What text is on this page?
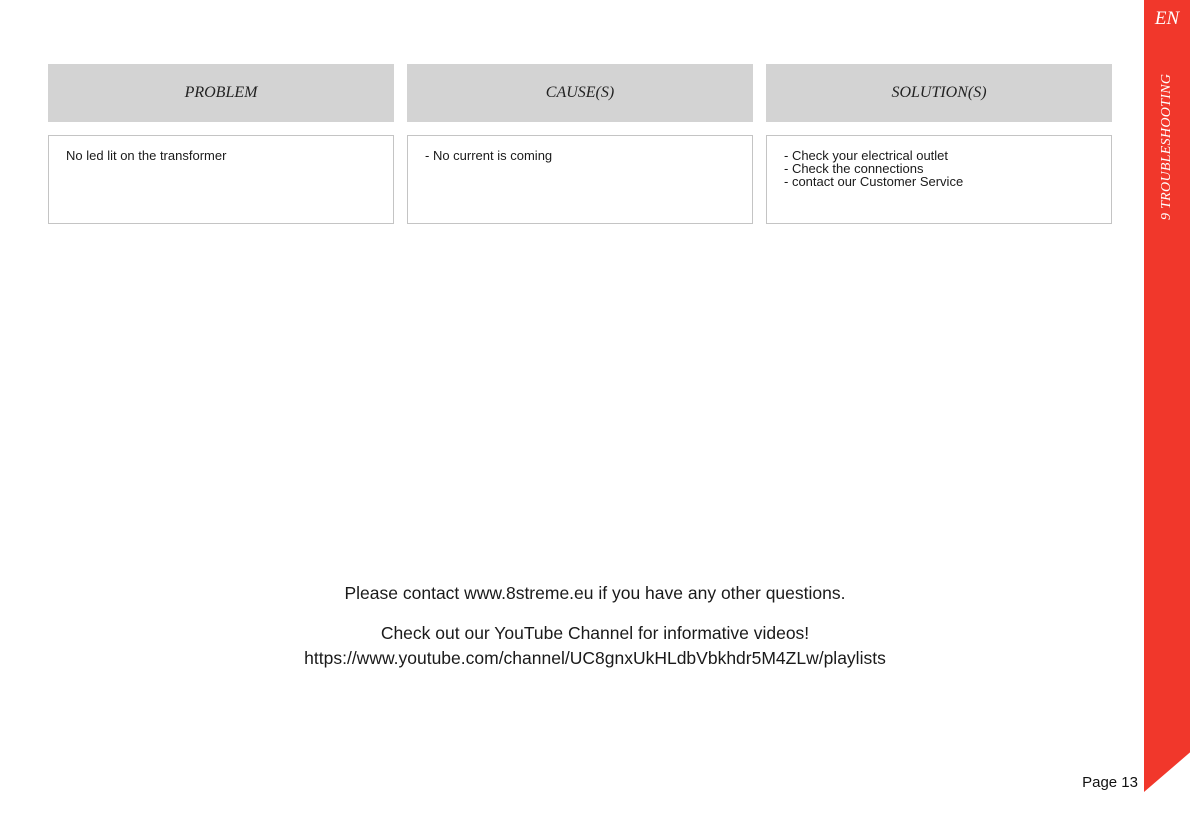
EN
9 TROUBLESHOOTING
PROBLEM	CAUSE(S)	SOLUTION(S)
No led lit on the transformer	- No current is coming	- Check your electrical outlet
- Check the connections
- contact our Customer Service
Please contact www.8streme.eu if you have any other questions.
Check out our YouTube Channel for informative videos!
https://www.youtube.com/channel/UC8gnxUkHLdbVbkhdr5M4ZLw/playlists
Page 13
